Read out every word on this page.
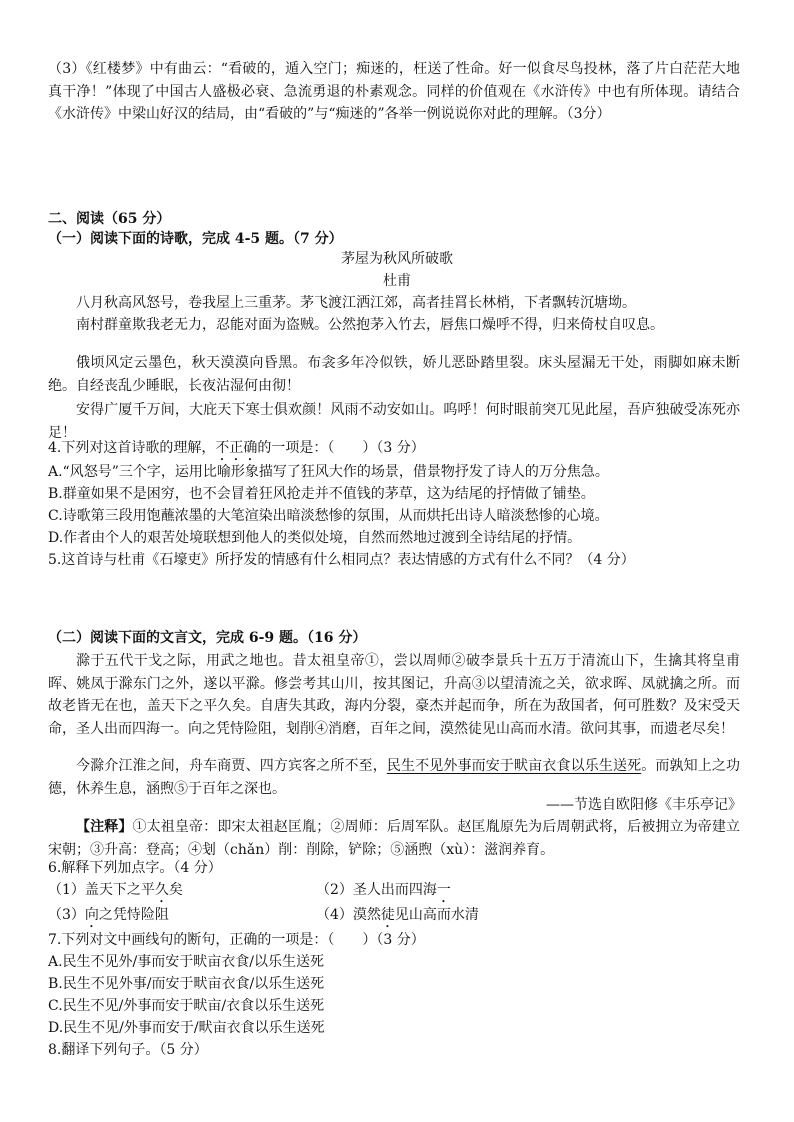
（3）《红楼梦》中有曲云：“看破的，遁入空门；痴迷的，枉送了性命。好一似食尽鸟投林，落了片白茫茫大地真干净！”体现了中国古人盛极必衰、急流勇退的朴素观念。同样的价值观在《水浒传》中也有所体现。请结合《水浒传》中梁山好汉的结局，由“看破的”与“痴迷的”各举一例说说你对此的理解。（3分）
二、阅读（65 分）
（一）阅读下面的诗歌，完成 4-5 题。（7 分）
茅屋为秋风所破歌
杜甫
八月秋高风怒号，卷我屋上三重茅。茅飞渡江洒江郊，高者挂罥长林梢，下者飘转沉塘坳。
南村群童欺我老无力，忍能对面为盗贼。公然抱茅入竹去，唇焦口燥呼不得，归来倚杖自叹息。
俄顷风定云墨色，秋天漠漠向昏黑。布衾多年冷似铁，娇儿恶卧踏里裂。床头屋漏无干处，雨脚如麻未断绝。自经丧乱少睡眠，长夜沾湿何由彻！
安得广厦千万间，大庇天下寒士俱欢颜！风雨不动安如山。呜呼！何时眼前突兀见此屋，吾庐独破受冻死亦足！
4.下列对这首诗歌的理解，不正确的一项是：（　　）（3 分）
A.“风怒号”三个字，运用比喻形象描写了狂风大作的场景，借景物抒发了诗人的万分焦急。
B.群童如果不是困穷，也不会冒着狂风抢走并不值钱的茅草，这为结尾的抒情做了铺垫。
C.诗歌第三段用饱蘸浓墨的大笔渲染出暗淡愁惨的氛围，从而烘托出诗人暗淡愁惨的心境。
D.作者由个人的艰苦处境联想到他人的类似处境，自然而然地过渡到全诗结尾的抒情。
5.这首诗与杜甫《石壕吏》所抒发的情感有什么相同点？表达情感的方式有什么不同？（4 分）
（二）阅读下面的文言文，完成 6-9 题。（16 分）
滁于五代干戈之际，用武之地也。昔太祖皇帝①，尝以周师②破李景兵十五万于清流山下，生擒其将皇甫晖、姚凤于滁东门之外，遂以平滁。修尝考其山川，按其图记，升高③以望清流之关，欲求晖、凤就擒之所。而故老皆无在也，盖天下之平久矣。自唐失其政，海内分裂，豪杰并起而争，所在为敌国者，何可胜数？及宋受天命，圣人出而四海一。向之凭恃险阻，刬削④消磨，百年之间，漠然徒见山高而水清。欲问其事，而遗老尽矣！
今滁介江淮之间，舟车商贾、四方宾客之所不至，民生不见外事而安于畎亩衣食以乐生送死。而孰知上之功德，休养生息，涵煦⑤于百年之深也。
——节选自欧阳修《丰乐亭记》
【注释】①太祖皇帝：即宋太祖赵匡胤；②周师：后周军队。赵匡胤原先为后周朝武将，后被拥立为帝建立宋朝；③升高：登高；④刬（chǎn）削：削除，铲除；⑤涵煦（xù）：滋润养育。
6.解释下列加点字。（4 分）
（1）盖天下之平久矣	（2）圣人出而四海一
（3）向之凭恃险阻	（4）漠然徒见山高而水清
7.下列对文中画线句的断句，正确的一项是：（　　）（3 分）
A.民生不见外/事而安于畎亩衣食/以乐生送死
B.民生不见外事/而安于畎亩衣食/以乐生送死
C.民生不见/外事而安于畎亩/衣食以乐生送死
D.民生不见/外事而安于/畎亩衣食以乐生送死
8.翻译下列句子。（5 分）
